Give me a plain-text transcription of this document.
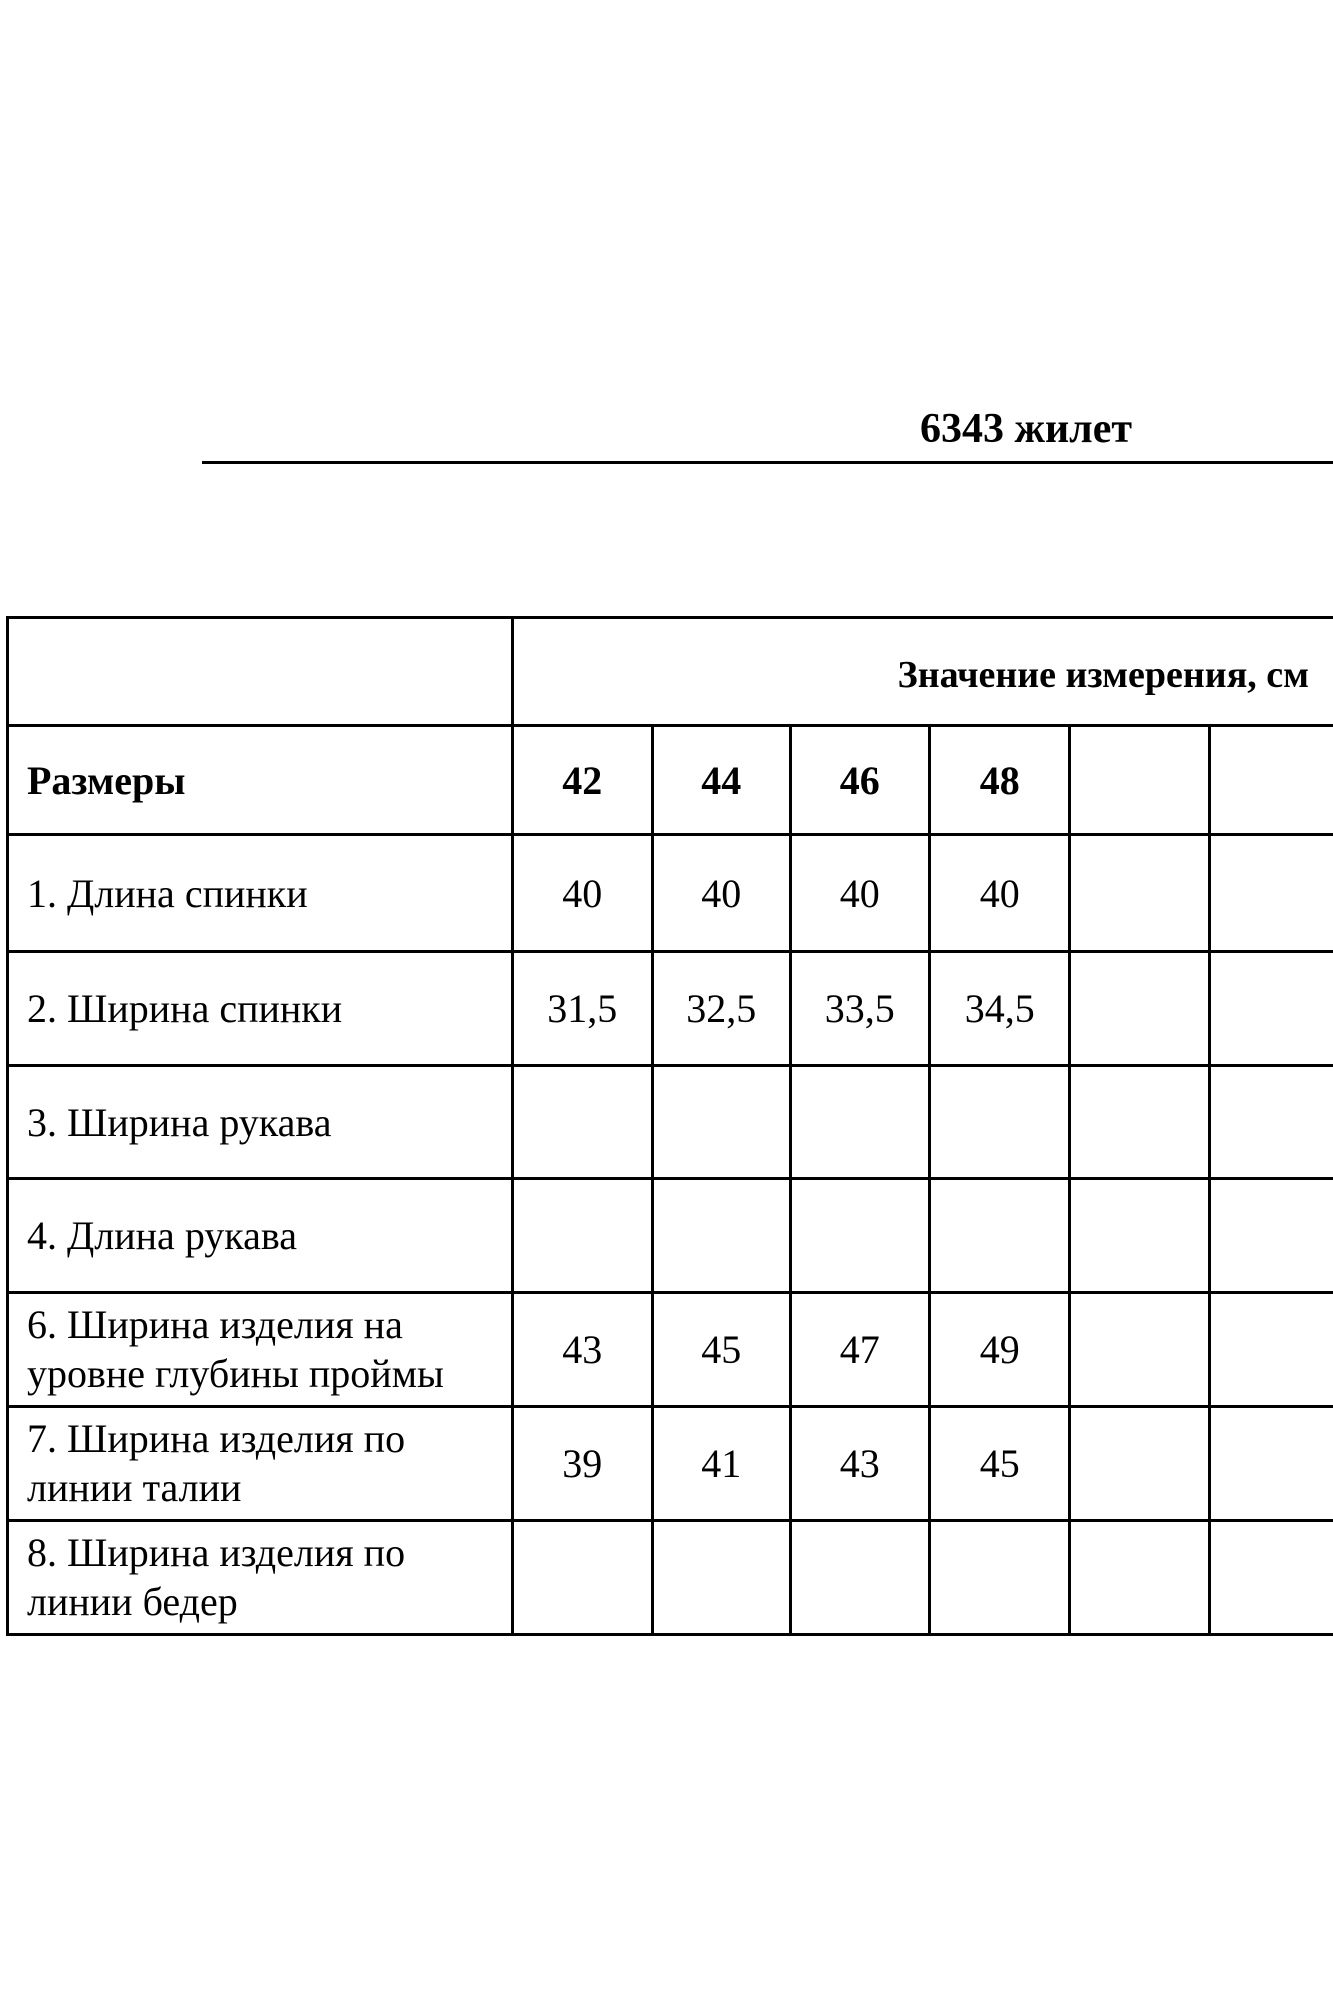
6343 жилет
	Значение измерения, см					
Размеры	42	44	46	48		
1. Длина спинки	40	40	40	40		
2. Ширина спинки	31,5	32,5	33,5	34,5		
3. Ширина рукава						
4. Длина рукава						
6. Ширина изделия на уровне глубины проймы	43	45	47	49		
7. Ширина изделия по линии талии	39	41	43	45		
8. Ширина изделия по линии бедер						
